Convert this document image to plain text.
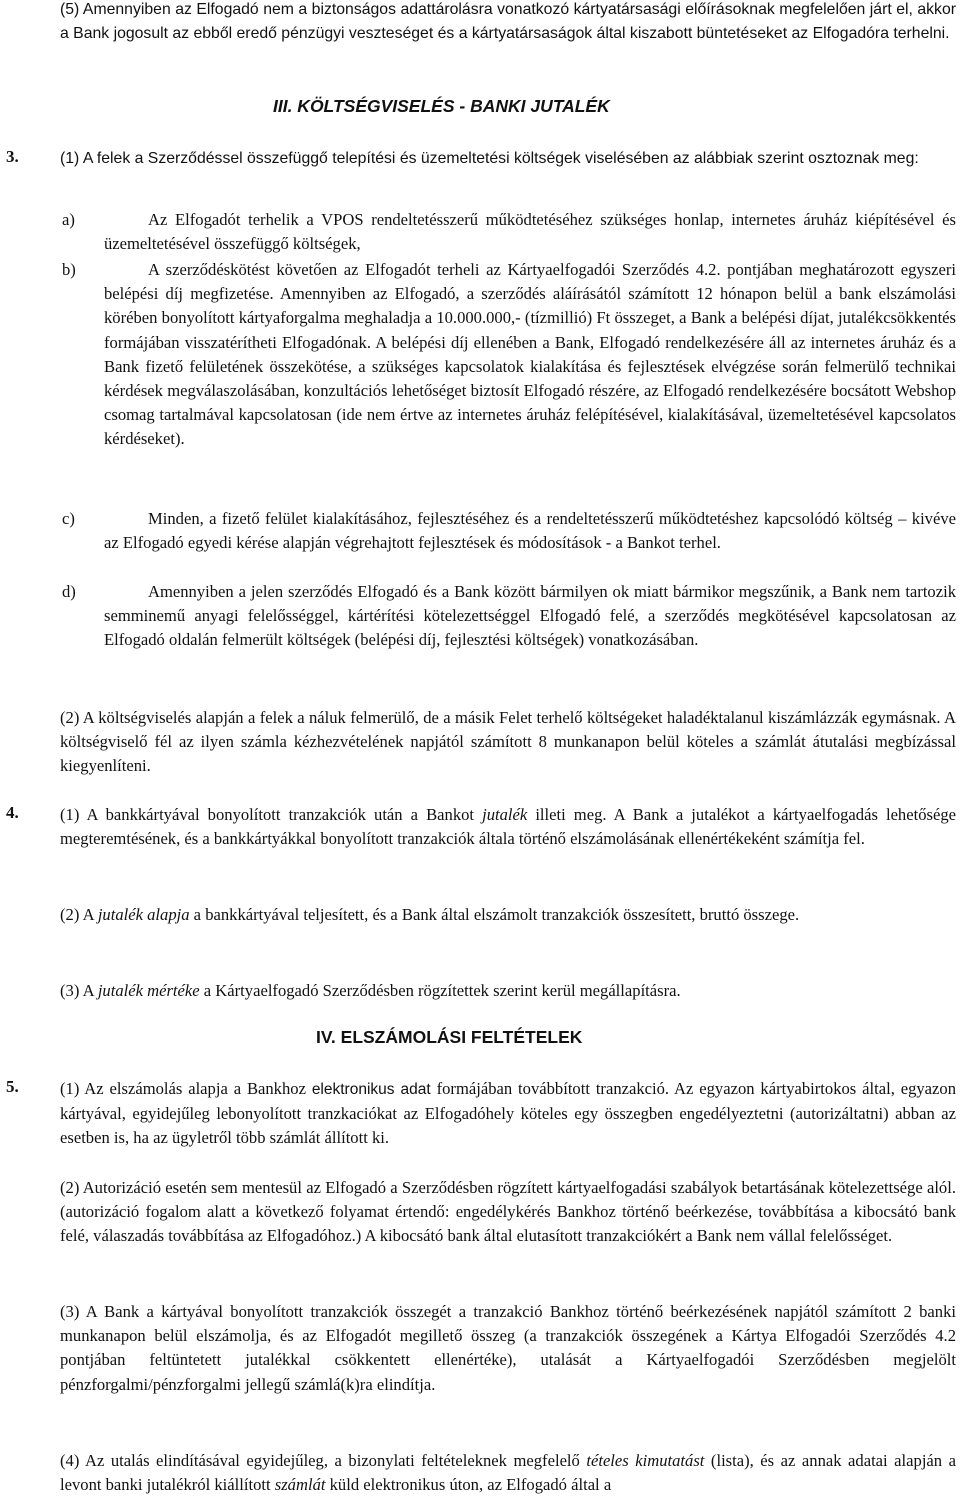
(5) Amennyiben az Elfogadó nem a biztonságos adattárolásra vonatkozó kártyatársasági előírásoknak megfelelően járt el, akkor a Bank jogosult az ebből eredő pénzügyi veszteséget és a kártyatársaságok által kiszabott büntetéseket az Elfogadóra terhelni.

III. KÖLTSÉGVISELÉS - BANKI JUTALÉK

3.	(1) A felek a Szerződéssel összefüggő telepítési és üzemeltetési költségek viselésében az alábbiak szerint osztoznak meg:

a)	Az Elfogadót terhelik a VPOS rendeltetésszerű működtetéséhez szükséges honlap, internetes áruház kiépítésével és üzemeltetésével összefüggő költségek,

b)	A szerződéskötést követően az Elfogadót terheli az Kártyaelfogadói Szerződés 4.2. pontjában meghatározott egyszeri belépési díj megfizetése. Amennyiben az Elfogadó, a szerződés aláírásától számított 12 hónapon belül a bank elszámolási körében bonyolított kártyaforgalma meghaladja a 10.000.000,- (tízmillió) Ft összeget, a Bank a belépési díjat, jutalékcsökkentés formájában visszatérítheti Elfogadónak. A belépési díj ellenében a Bank, Elfogadó rendelkezésére áll az internetes áruház és a Bank fizető felületének összekötése, a szükséges kapcsolatok kialakítása és fejlesztések elvégzése során felmerülő technikai kérdések megválaszolásában, konzultációs lehetőséget biztosít Elfogadó részére, az Elfogadó rendelkezésére bocsátott Webshop csomag tartalmával kapcsolatosan (ide nem értve az internetes áruház felépítésével, kialakításával, üzemeltetésével kapcsolatos kérdéseket).

c)	Minden, a fizető felület kialakításához, fejlesztéséhez és a rendeltetésszerű működtetéshez kapcsolódó költség – kivéve az Elfogadó egyedi kérése alapján végrehajtott fejlesztések és módosítások - a Bankot terhel.

d)	Amennyiben a jelen szerződés Elfogadó és a Bank között bármilyen ok miatt bármikor megszűnik, a Bank nem tartozik semminemű anyagi felelősséggel, kártérítési kötelezettséggel Elfogadó felé, a szerződés megkötésével kapcsolatosan az Elfogadó oldalán felmerült költségek (belépési díj, fejlesztési költségek) vonatkozásában.

(2) A költségviselés alapján a felek a náluk felmerülő, de a másik Felet terhelő költségeket haladéktalanul kiszámlázzák egymásnak. A költségviselő fél az ilyen számla kézhezvételének napjától számított 8 munkanapon belül köteles a számlát átutalási megbízással kiegyenlíteni.

4. (1) A bankkártyával bonyolított tranzakciók után a Bankot jutalék illeti meg. A Bank a jutalékot a kártyaelfogadás lehetősége megteremtésének, és a bankkártyákkal bonyolított tranzakciók általa történő elszámolásának ellenértékeként számítja fel.

(2) A jutalék alapja a bankkártyával teljesített, és a Bank által elszámolt tranzakciók összesített, bruttó összege.

(3) A jutalék mértéke a Kártyaelfogadó Szerződésben rögzítettek szerint kerül megállapításra.

IV. ELSZÁMOLÁSI FELTÉTELEK

5. (1) Az elszámolás alapja a Bankhoz elektronikus adat formájában továbbított tranzakció. Az egyazon kártyabirtokos által, egyazon kártyával, egyidejűleg lebonyolított tranzkaciókat az Elfogadóhely köteles egy összegben engedélyeztetni (autorizáltatni) abban az esetben is, ha az ügyletről több számlát állított ki.

(2) Autorizáció esetén sem mentesül az Elfogadó a Szerződésben rögzített kártyaelfogadási szabályok betartásának kötelezettsége alól. (autorizáció fogalom alatt a következő folyamat értendő: engedélykérés Bankhoz történő beérkezése, továbbítása a kibocsátó bank felé, válaszadás továbbítása az Elfogadóhoz.) A kibocsátó bank által elutasított tranzakciókért a Bank nem vállal felelősséget.

(3) A Bank a kártyával bonyolított tranzakciók összegét a tranzakció Bankhoz történő beérkezésének napjától számított 2 banki munkanapon belül elszámolja, és az Elfogadót megillető összeg (a tranzakciók összegének a Kártya Elfogadói Szerződés 4.2 pontjában feltüntetett jutalékkal csökkentett ellenértéke), utalását a Kártyaelfogadói Szerződésben megjelölt pénzforgalmi/pénzforgalmi jellegű számlá(k)ra elindítja.

(4) Az utalás elindításával egyidejűleg, a bizonylati feltételeknek megfelelő tételes kimutatást (lista), és az annak adatai alapján a levont banki jutalékról kiállított számlát küld elektronikus úton, az Elfogadó által a
